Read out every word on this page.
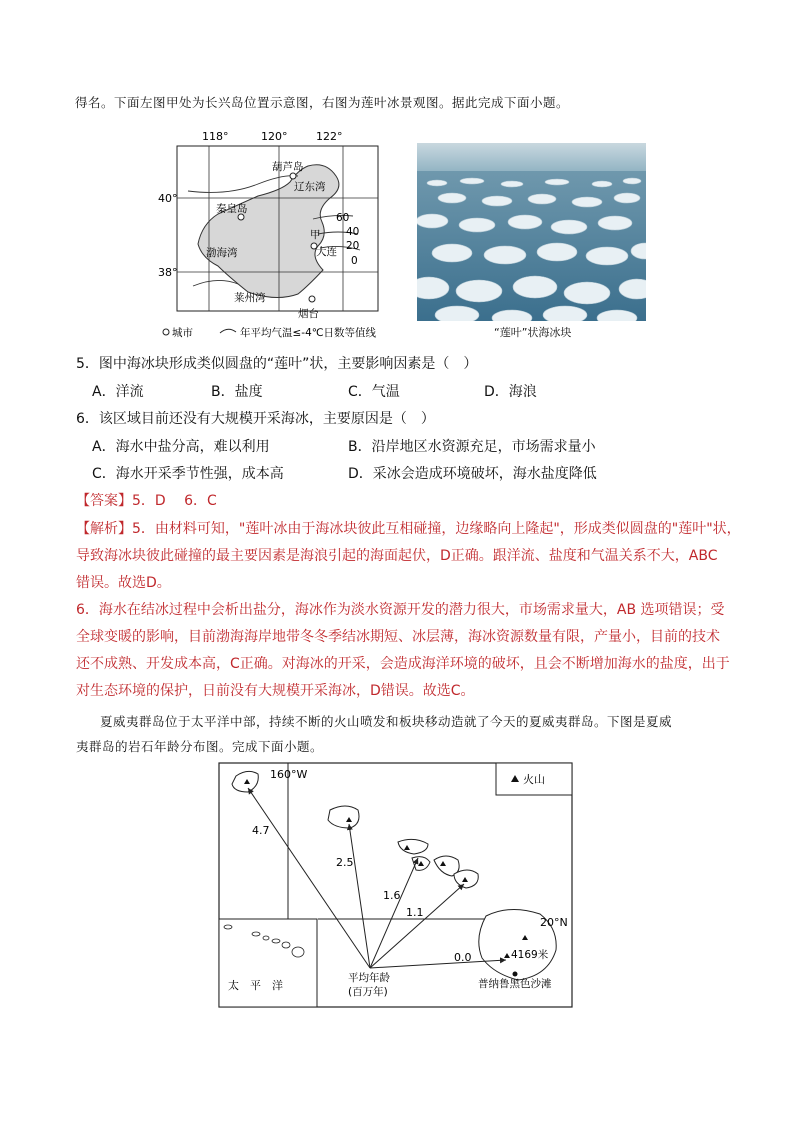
得名。下面左图甲处为长兴岛位置示意图，右图为莲叶冰景观图。据此完成下面小题。
118°	120°	122°
40°
38°
葫芦岛
辽东湾
秦皇岛
渤海湾
甲
大连
莱州湾
烟台
60
40
20
0
城市	年平均气温≤-4℃日数等值线	“莲叶”状海冰块
5．图中海冰块形成类似圆盘的“莲叶”状，主要影响因素是（　）
A．洋流	B．盐度	C．气温	D．海浪
6．该区域目前还没有大规模开采海冰，主要原因是（　）
A．海水中盐分高，难以利用	B．沿岸地区水资源充足，市场需求量小
C．海水开采季节性强，成本高	D．采冰会造成环境破坏，海水盐度降低
【答案】5．D　 6．C
【解析】5．由材料可知，"莲叶冰由于海冰块彼此互相碰撞，边缘略向上隆起"，形成类似圆盘的"莲叶"状，
导致海冰块彼此碰撞的最主要因素是海浪引起的海面起伏，D正确。跟洋流、盐度和气温关系不大，ABC
错误。故选D。
6．海水在结冰过程中会析出盐分，海冰作为淡水资源开发的潜力很大，市场需求量大，AB 选项错误；受
全球变暖的影响，目前渤海海岸地带冬冬季结冰期短、冰层薄，海冰资源数量有限，产量小，目前的技术
还不成熟、开发成本高，C正确。对海冰的开采，会造成海洋环境的破坏，且会不断增加海水的盐度，出于
对生态环境的保护，日前没有大规模开采海冰，D错误。故选C。
夏威夷群岛位于太平洋中部，持续不断的火山喷发和板块移动造就了今天的夏威夷群岛。下图是夏威
夷群岛的岩石年龄分布图。完成下面小题。
160°W
20°N
火山
4.7
2.5
1.6
1.1
0.0	4169米
普纳鲁黑色沙滩
平均年龄
(百万年)
太　平　洋
